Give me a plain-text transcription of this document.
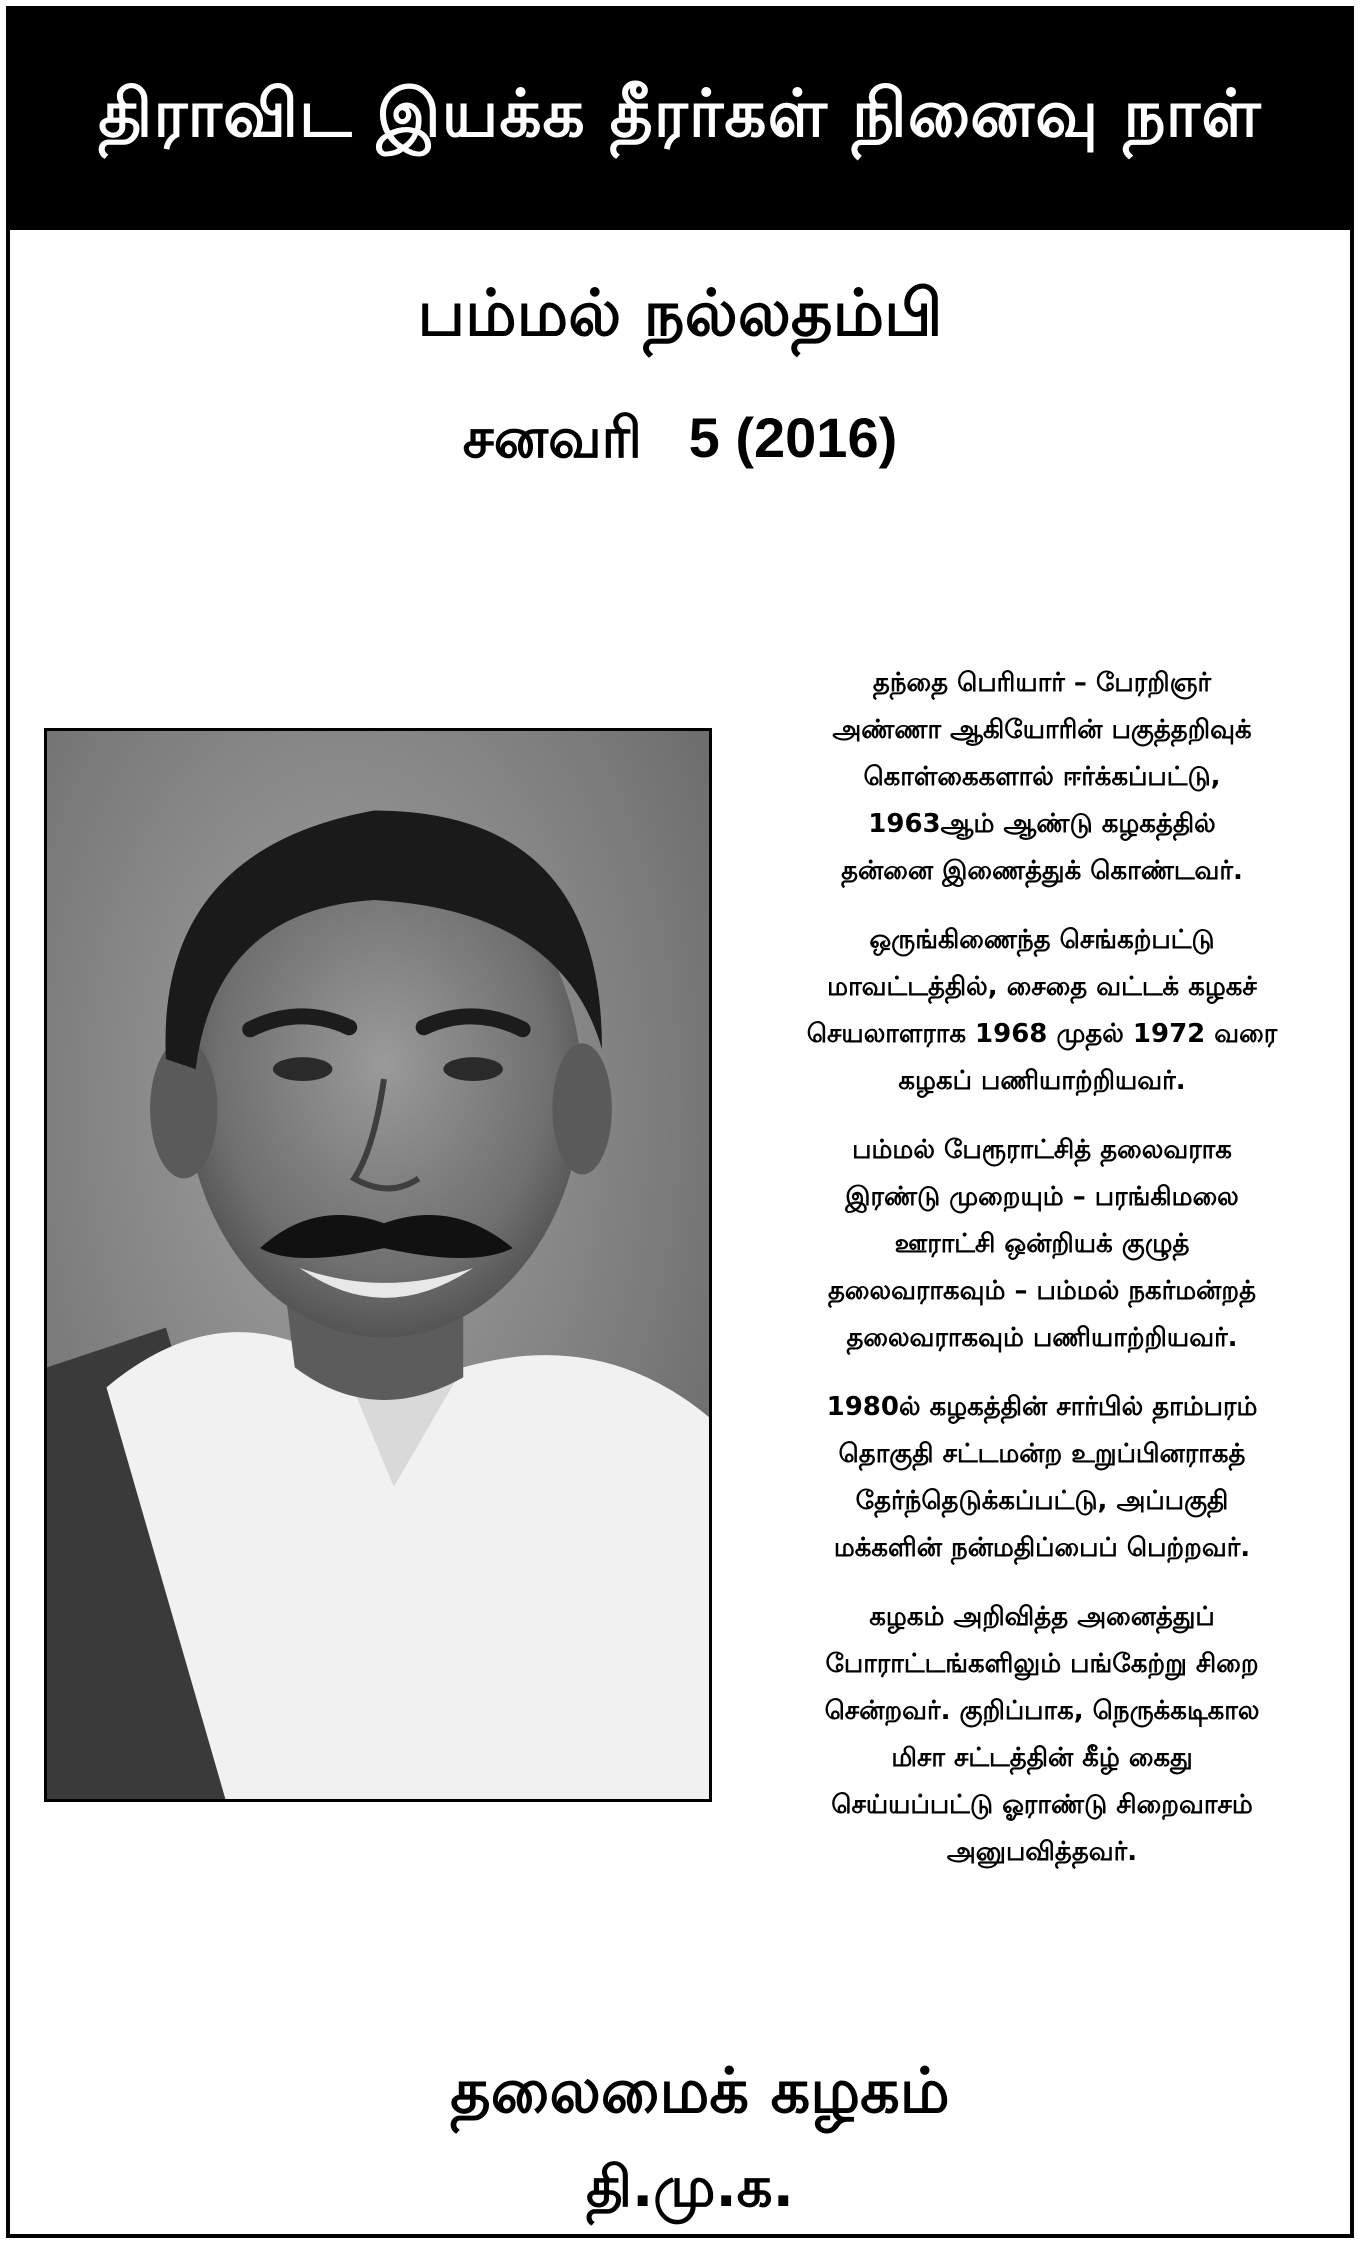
திராவிட இயக்க தீரர்கள் நினைவு நாள்
பம்மல் நல்லதம்பி
சனவரி   5 (2016)

தந்தை பெரியார் – பேரறிஞர்
அண்ணா ஆகியோரின் பகுத்தறிவுக்
கொள்கைகளால் ஈர்க்கப்பட்டு,
1963ஆம் ஆண்டு கழகத்தில்
தன்னை இணைத்துக் கொண்டவர்.

ஒருங்கிணைந்த செங்கற்பட்டு
மாவட்டத்தில், சைதை வட்டக் கழகச்
செயலாளராக 1968 முதல் 1972 வரை
கழகப் பணியாற்றியவர்.

பம்மல் பேரூராட்சித் தலைவராக
இரண்டு முறையும் – பரங்கிமலை
ஊராட்சி ஒன்றியக் குழுத்
தலைவராகவும் – பம்மல் நகர்மன்றத்
தலைவராகவும் பணியாற்றியவர்.

1980ல் கழகத்தின் சார்பில் தாம்பரம்
தொகுதி சட்டமன்ற உறுப்பினராகத்
தேர்ந்தெடுக்கப்பட்டு, அப்பகுதி
மக்களின் நன்மதிப்பைப் பெற்றவர்.

கழகம் அறிவித்த அனைத்துப்
போராட்டங்களிலும் பங்கேற்று சிறை
சென்றவர். குறிப்பாக, நெருக்கடிகால
மிசா சட்டத்தின் கீழ் கைது
செய்யப்பட்டு ஓராண்டு சிறைவாசம்
அனுபவித்தவர்.

தலைமைக் கழகம்
தி.மு.க.
